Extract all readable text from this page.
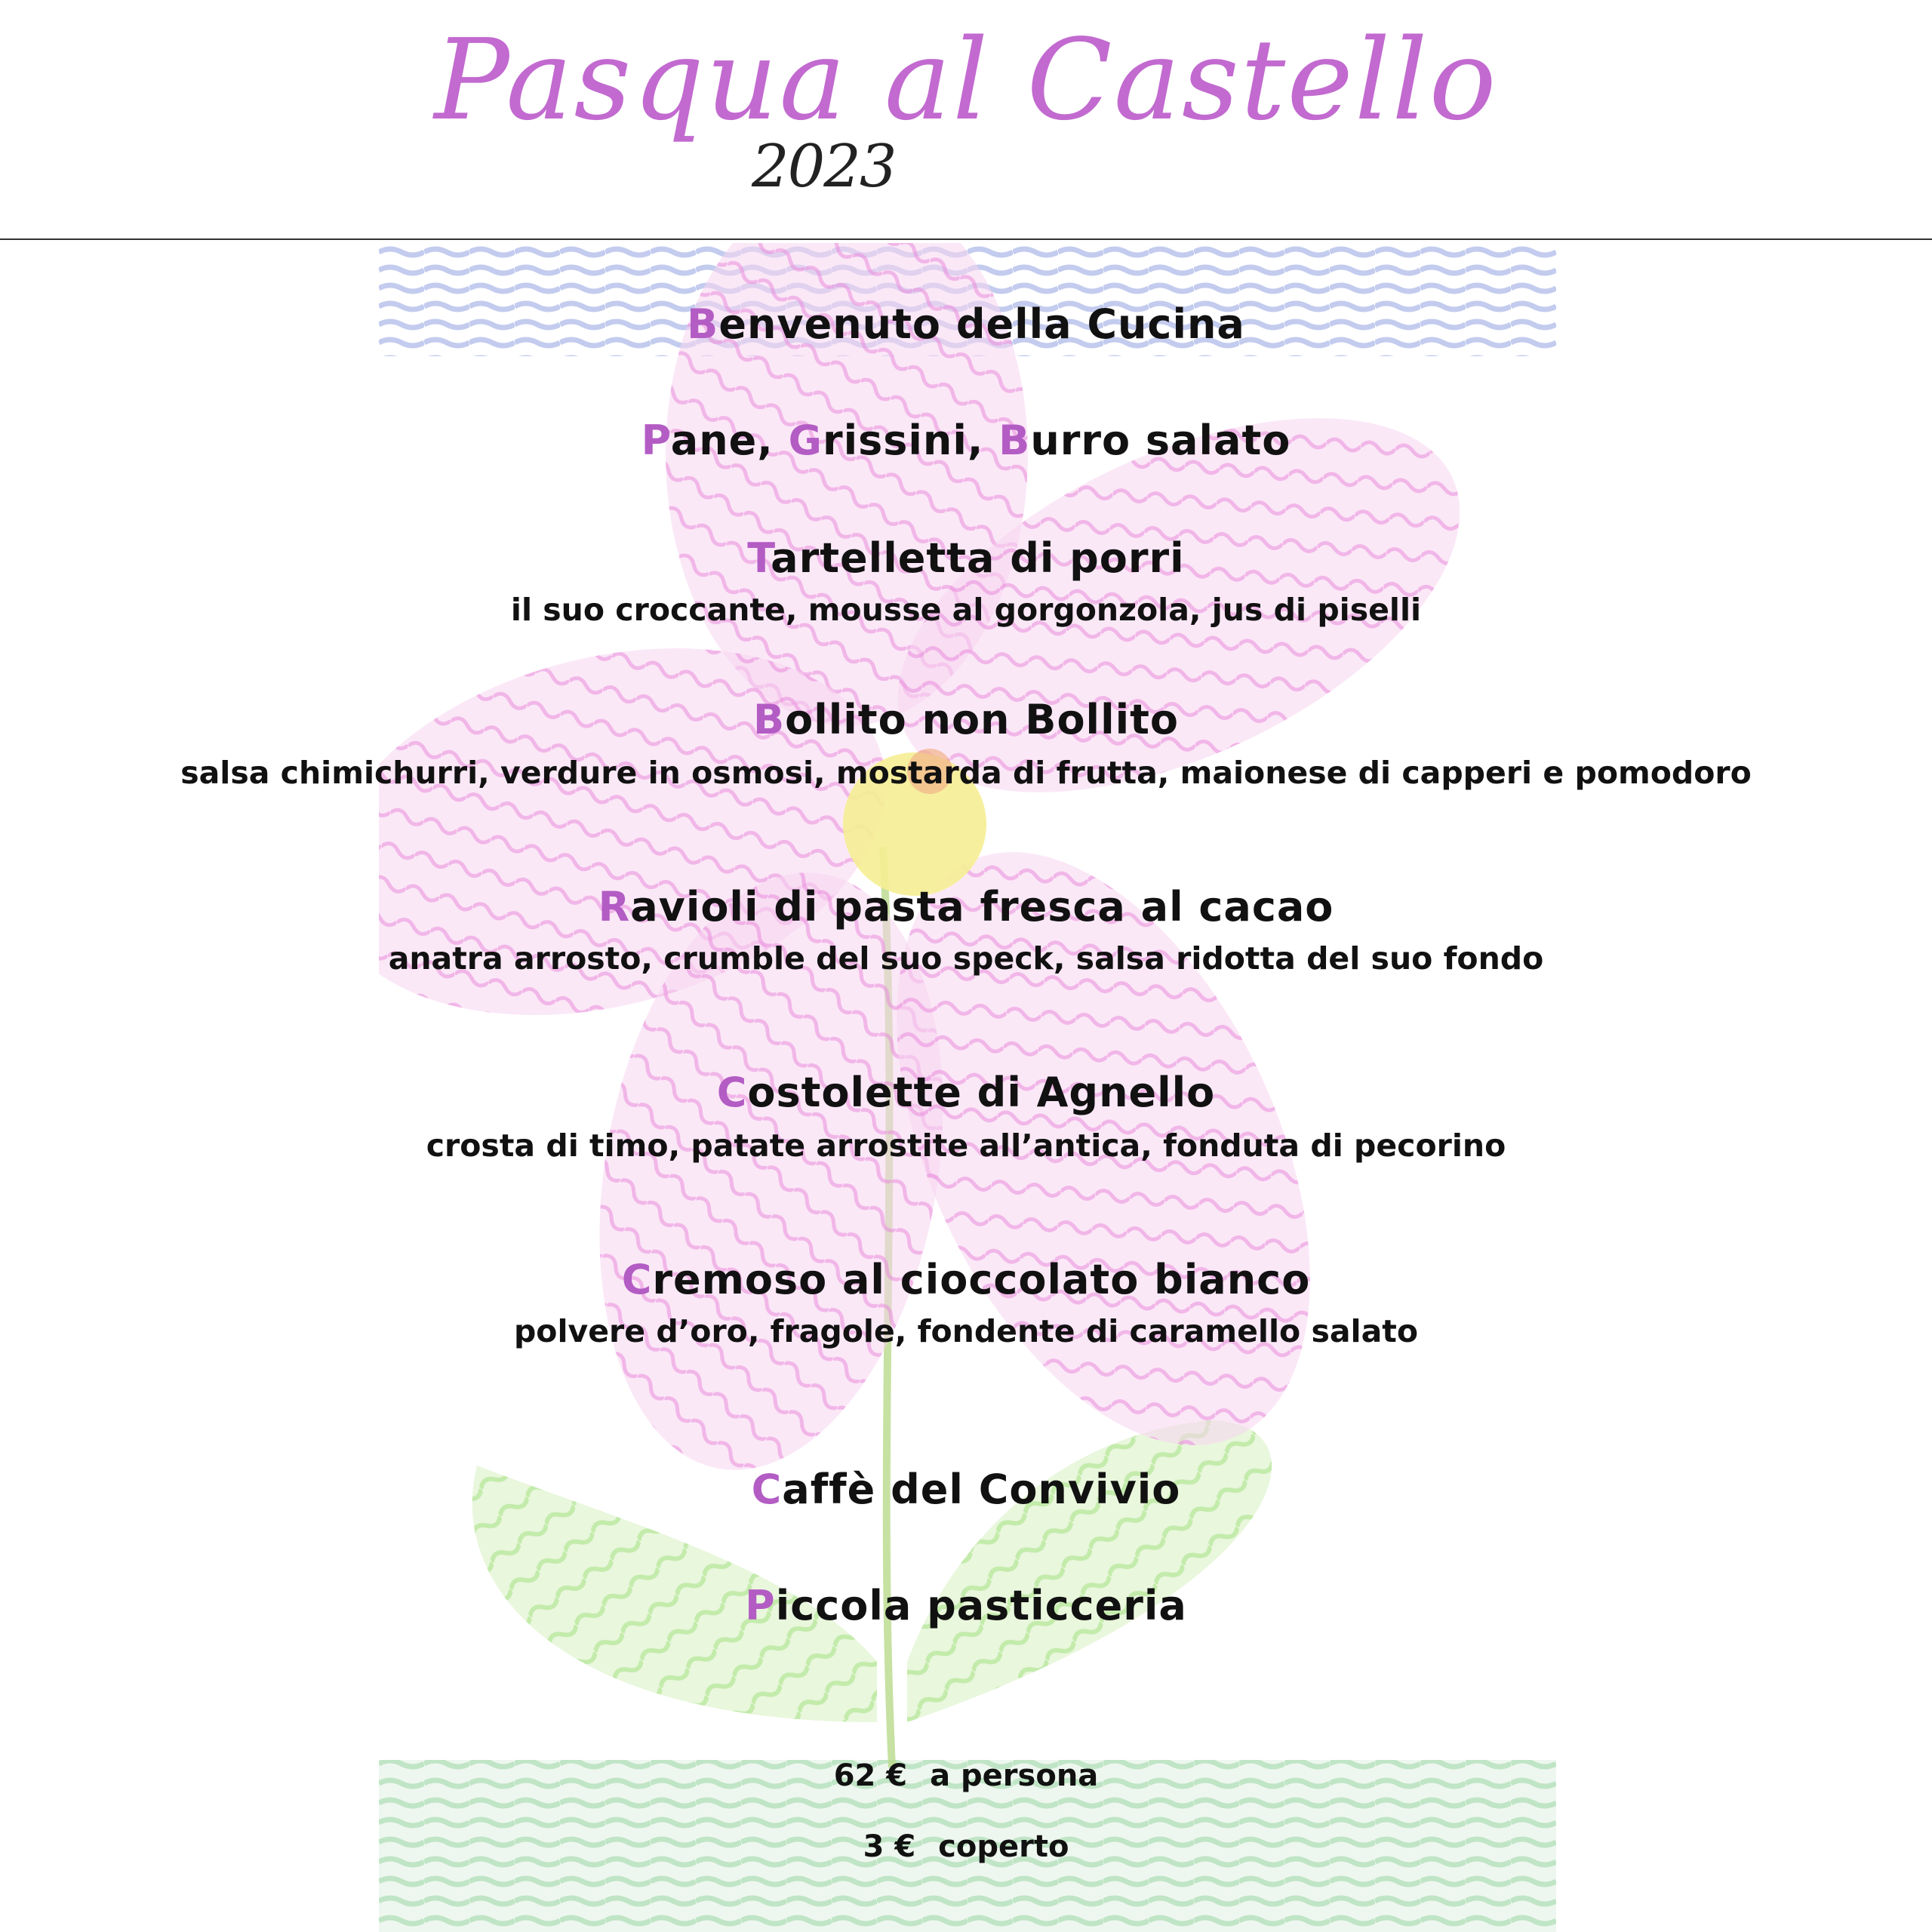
Pasqua al Castello
2023
Benvenuto della Cucina
Pane, Grissini, Burro salato
Tartelletta di porri
il suo croccante, mousse al gorgonzola, jus di piselli
Bollito non Bollito
salsa chimichurri, verdure in osmosi, mostarda di frutta, maionese di capperi e pomodoro
Ravioli di pasta fresca al cacao
anatra arrosto, crumble del suo speck, salsa ridotta del suo fondo
Costolette di Agnello
crosta di timo, patate arrostite all’antica, fonduta di pecorino
Cremoso al cioccolato bianco
polvere d’oro, fragole, fondente di caramello salato
Caffè del Convivio
Piccola pasticceria
62 € a persona
3 € coperto
